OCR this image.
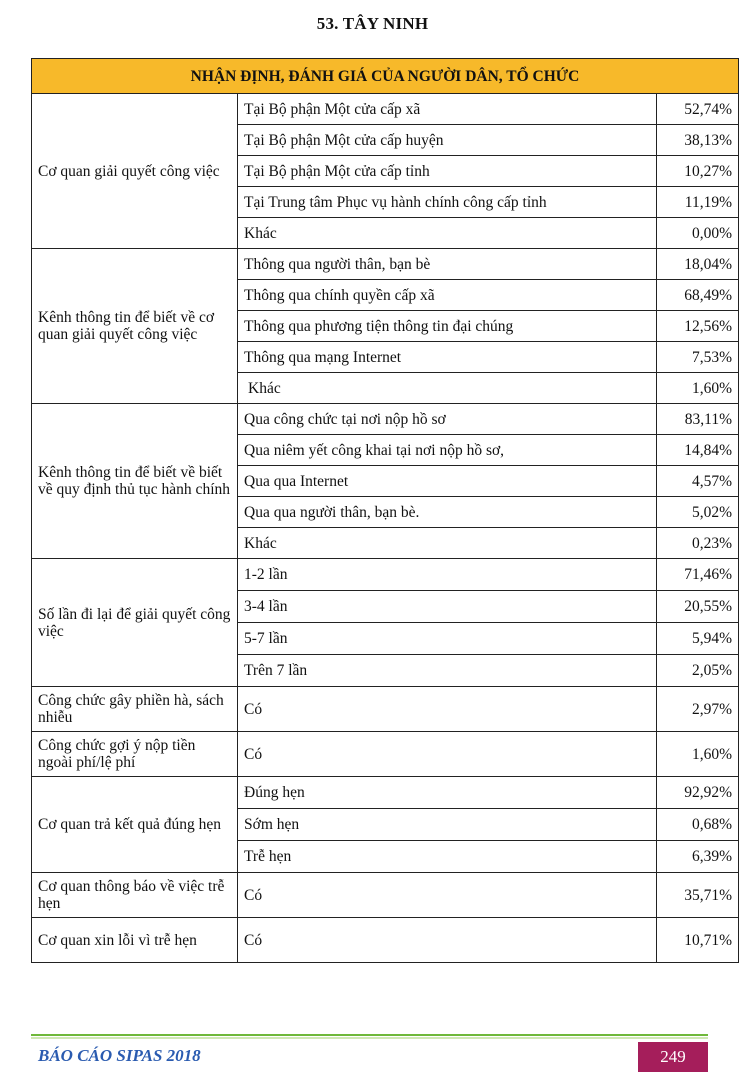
53. TÂY NINH
NHẬN ĐỊNH, ĐÁNH GIÁ CỦA NGƯỜI DÂN, TỔ CHỨC		
Cơ quan giải quyết công việc	Tại Bộ phận Một cửa cấp xã	52,74%
	Tại Bộ phận Một cửa cấp huyện	38,13%
	Tại Bộ phận Một cửa cấp tỉnh	10,27%
	Tại Trung tâm Phục vụ hành chính công cấp tỉnh	11,19%
	Khác	0,00%
Kênh thông tin để biết về cơ quan giải quyết công việc	Thông qua người thân, bạn bè	18,04%
	Thông qua chính quyền cấp xã	68,49%
	Thông qua phương tiện thông tin đại chúng	12,56%
	Thông qua mạng Internet	7,53%
	Khác	1,60%
Kênh thông tin để biết về biết về quy định thủ tục hành chính	Qua công chức tại nơi nộp hồ sơ	83,11%
	Qua niêm yết công khai tại nơi nộp hồ sơ,	14,84%
	Qua qua Internet	4,57%
	Qua qua người thân, bạn bè.	5,02%
	Khác	0,23%
Số lần đi lại để giải quyết công việc	1-2 lần	71,46%
	3-4 lần	20,55%
	5-7 lần	5,94%
	Trên 7 lần	2,05%
Công chức gây phiền hà, sách nhiễu	Có	2,97%
Công chức gợi ý nộp tiền ngoài phí/lệ phí	Có	1,60%
Cơ quan trả kết quả đúng hẹn	Đúng hẹn	92,92%
	Sớm hẹn	0,68%
	Trễ hẹn	6,39%
Cơ quan thông báo về việc trễ hẹn	Có	35,71%
Cơ quan xin lỗi vì trễ hẹn	Có	10,71%
BÁO CÁO SIPAS 2018	249
